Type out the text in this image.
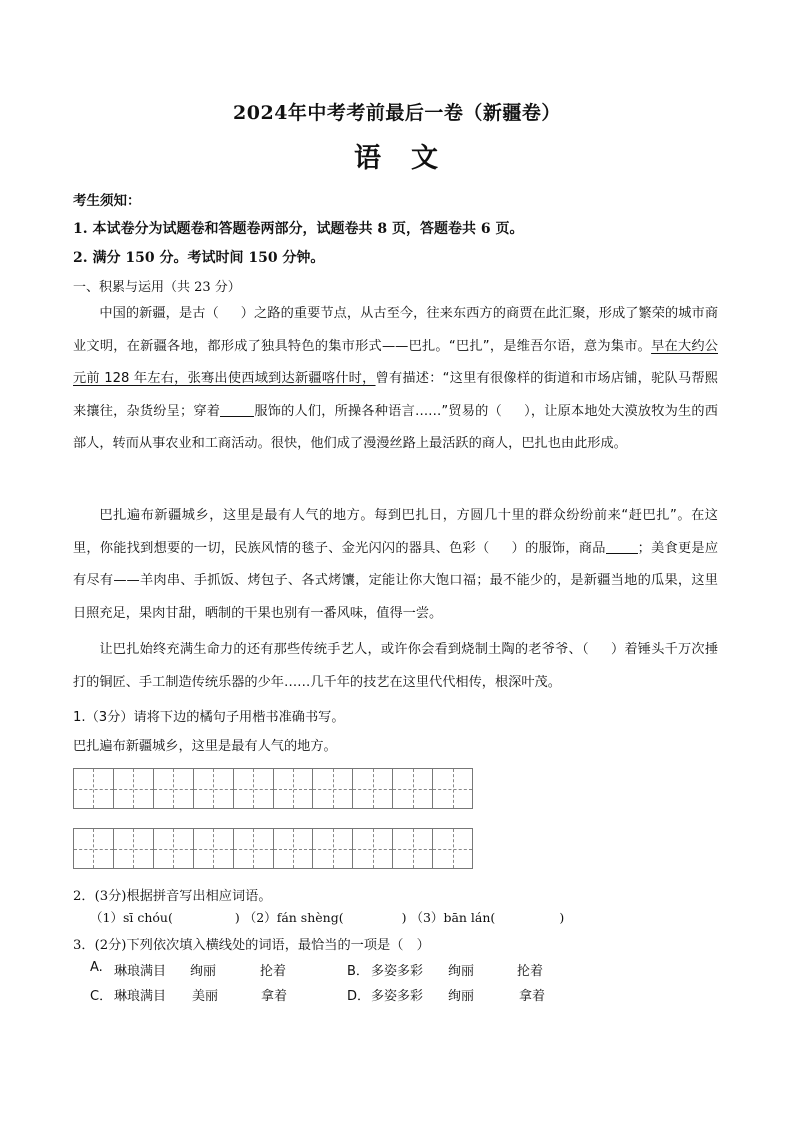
2024年中考考前最后一卷（新疆卷）
语 文
考生须知：
1. 本试卷分为试题卷和答题卷两部分，试题卷共 8 页，答题卷共 6 页。
2. 满分 150 分。考试时间 150 分钟。
一、积累与运用（共 23 分）

中国的新疆，是古（ ）之路的重要节点，从古至今，往来东西方的商贾在此汇聚，形成了繁荣的城市商业文明，在新疆各地，都形成了独具特色的集市形式——巴扎。“巴扎”，是维吾尔语，意为集市。早在大约公元前 128 年左右，张骞出使西域到达新疆喀什时，曾有描述：“这里有很像样的街道和市场店铺，驼队马帮熙来攘往，杂货纷呈；穿着	服饰的人们，所操各种语言……”贸易的（ ），让原本地处大漠放牧为生的西部人，转而从事农业和工商活动。很快，他们成了漫漫丝路上最活跃的商人，巴扎也由此形成。

巴扎遍布新疆城乡，这里是最有人气的地方。每到巴扎日，方圆几十里的群众纷纷前来“赶巴扎”。在这里，你能找到想要的一切，民族风情的毯子、金光闪闪的器具、色彩（ ）的服饰，商品 ；美食更是应有尽有——羊肉串、手抓饭、烤包子、各式烤馕，定能让你大饱口福；最不能少的，是新疆当地的瓜果，这里日照充足，果肉甘甜，晒制的干果也别有一番风味，值得一尝。

让巴扎始终充满生命力的还有那些传统手艺人，或许你会看到烧制土陶的老爷爷、（ ）着锤头千万次捶打的铜匠、手工制造传统乐器的少年……几千年的技艺在这里代代相传，根深叶茂。

1.（3分）请将下边的橘句子用楷书准确书写。
巴扎遍布新疆城乡，这里是最有人气的地方。
2．(3分)根据拼音写出相应词语。
（1）sī chóu(	) （2）fán shèng(	) （3）bān lán(	)
3．(2分)下列依次填入横线处的词语，最恰当的一项是（　）
A. 琳琅满目 绚丽	抡着	B． 多姿多彩 绚丽	抡着
C． 琳琅满目 美丽	拿着	D． 多姿多彩 绚丽	拿着
